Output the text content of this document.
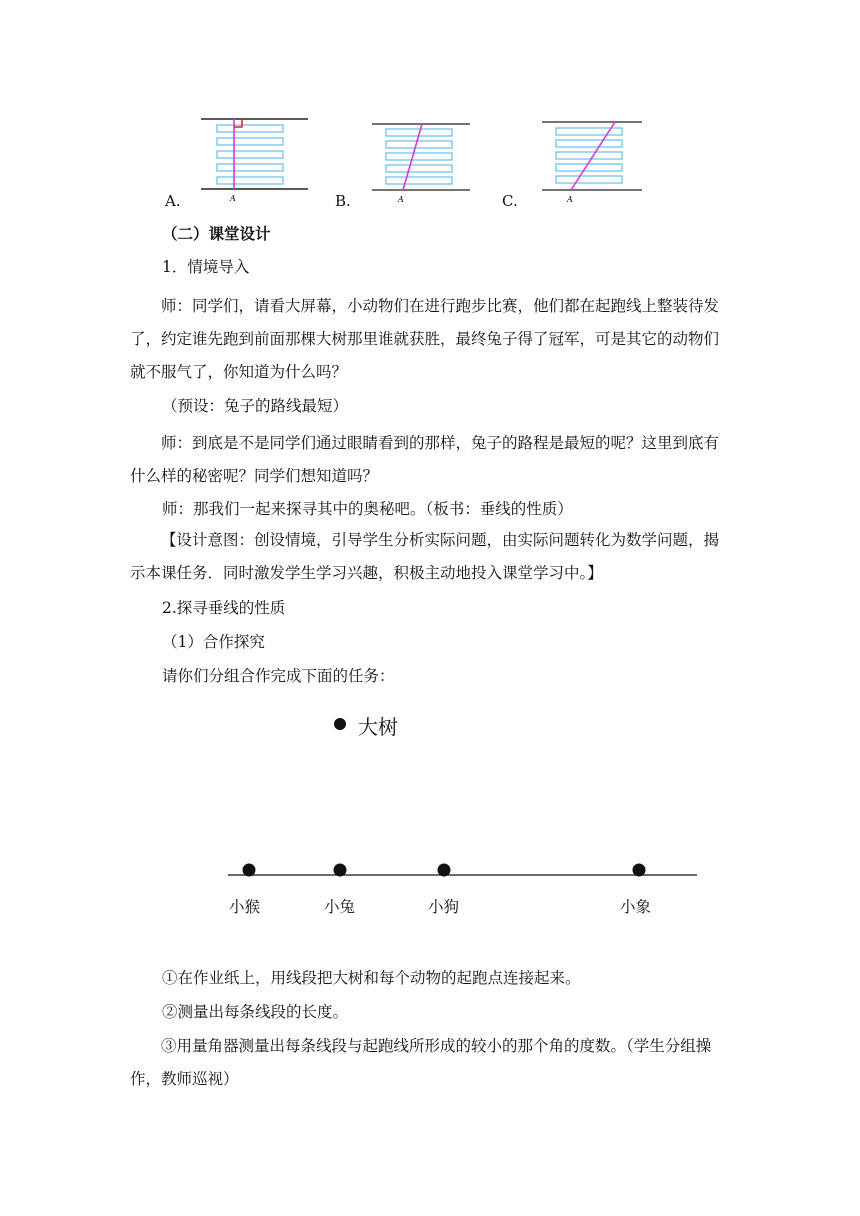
A
A.	A
B.	A
C.
（二）课堂设计
1．情境导入
师：同学们，请看大屏幕，小动物们在进行跑步比赛，他们都在起跑线上整装待发了，约定谁先跑到前面那棵大树那里谁就获胜，最终兔子得了冠军，可是其它的动物们就不服气了，你知道为什么吗？
（预设：兔子的路线最短）
师：到底是不是同学们通过眼睛看到的那样，兔子的路程是最短的呢？这里到底有什么样的秘密呢？同学们想知道吗？
师：那我们一起来探寻其中的奥秘吧。（板书：垂线的性质）
【设计意图：创设情境，引导学生分析实际问题，由实际问题转化为数学问题，揭示本课任务．同时激发学生学习兴趣，积极主动地投入课堂学习中。】
2.探寻垂线的性质
（1）合作探究
请你们分组合作完成下面的任务：
大树
小猴	小兔	小狗	小象
①在作业纸上，用线段把大树和每个动物的起跑点连接起来。
②测量出每条线段的长度。
③用量角器测量出每条线段与起跑线所形成的较小的那个角的度数。（学生分组操作，教师巡视）
